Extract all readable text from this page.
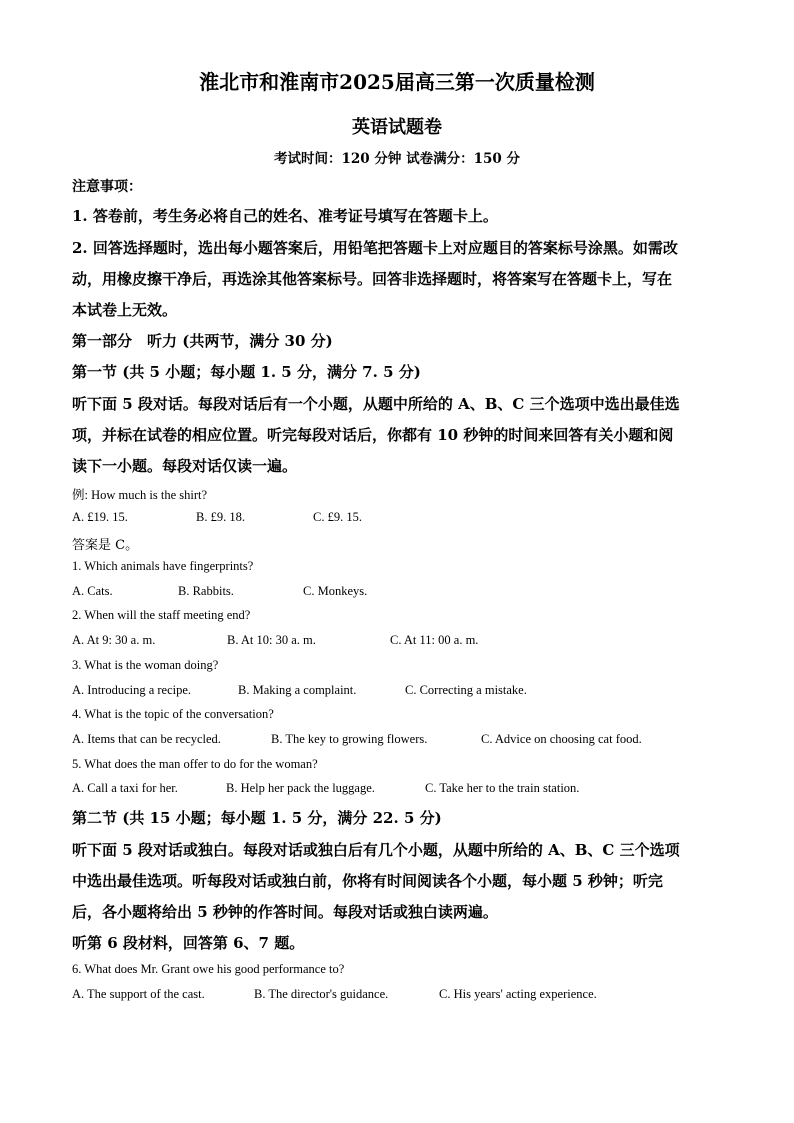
淮北市和淮南市2025届高三第一次质量检测
英语试题卷
考试时间：120 分钟 试卷满分：150 分
注意事项：
1. 答卷前，考生务必将自己的姓名、准考证号填写在答题卡上。
2. 回答选择题时，选出每小题答案后，用铅笔把答题卡上对应题目的答案标号涂黑。如需改
动，用橡皮擦干净后，再选涂其他答案标号。回答非选择题时，将答案写在答题卡上，写在
本试卷上无效。
第一部分　听力 (共两节，满分 30 分)
第一节 (共 5 小题；每小题 1. 5 分，满分 7. 5 分)
听下面 5 段对话。每段对话后有一个小题，从题中所给的 A、B、C 三个选项中选出最佳选
项，并标在试卷的相应位置。听完每段对话后，你都有 10 秒钟的时间来回答有关小题和阅
读下一小题。每段对话仅读一遍。
例: How much is the shirt?
A. £19. 15.	B. £9. 18.	C. £9. 15.
答案是 C。
1. Which animals have fingerprints?
A. Cats.	B. Rabbits.	C. Monkeys.
2. When will the staff meeting end?
A. At 9: 30 a. m.	B. At 10: 30 a. m.	C. At 11: 00 a. m.
3. What is the woman doing?
A. Introducing a recipe.	B. Making a complaint.	C. Correcting a mistake.
4. What is the topic of the conversation?
A. Items that can be recycled.	B. The key to growing flowers.	C. Advice on choosing cat food.
5. What does the man offer to do for the woman?
A. Call a taxi for her.	B. Help her pack the luggage.	C. Take her to the train station.
第二节 (共 15 小题；每小题 1. 5 分，满分 22. 5 分)
听下面 5 段对话或独白。每段对话或独白后有几个小题，从题中所给的 A、B、C 三个选项
中选出最佳选项。听每段对话或独白前，你将有时间阅读各个小题，每小题 5 秒钟；听完
后，各小题将给出 5 秒钟的作答时间。每段对话或独白读两遍。
听第 6 段材料，回答第 6、7 题。
6. What does Mr. Grant owe his good performance to?
A. The support of the cast.	B. The director's guidance.	C. His years' acting experience.
